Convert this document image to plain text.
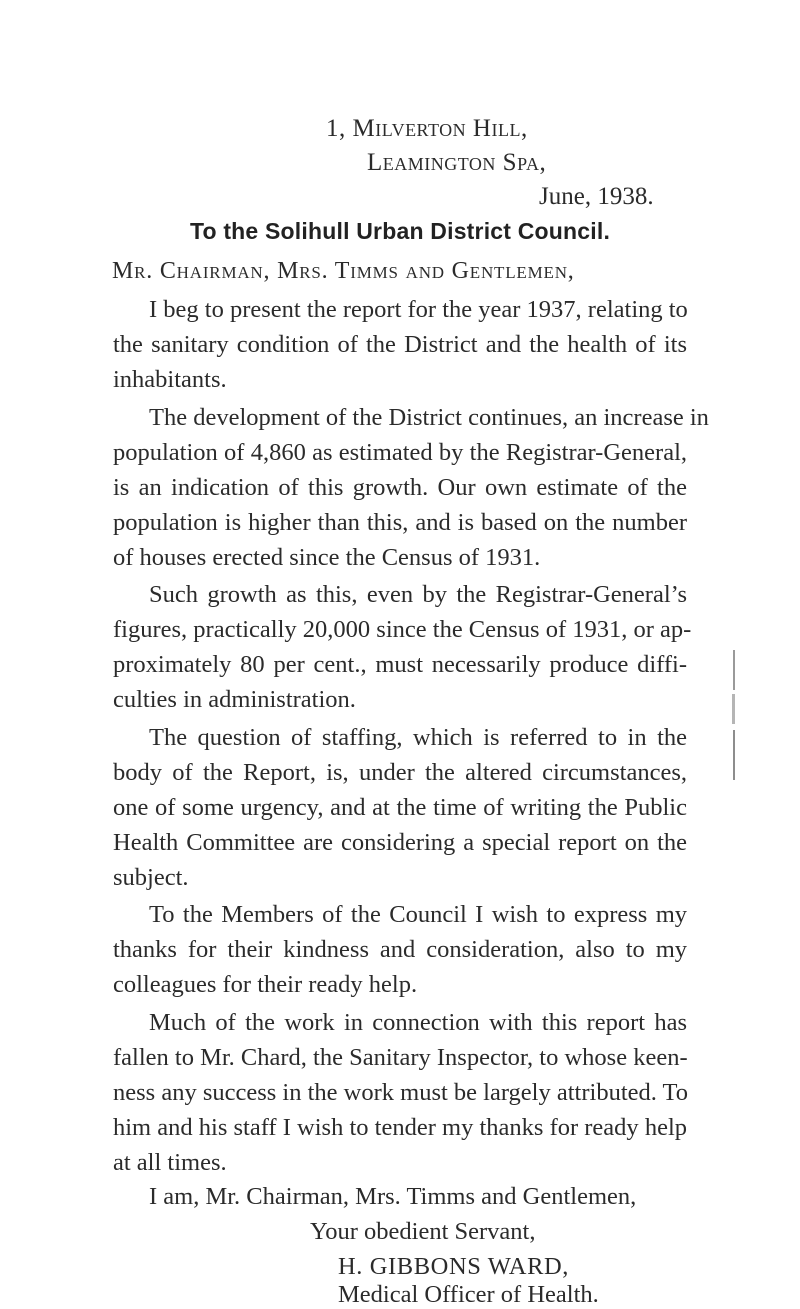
1, Milverton Hill,
Leamington Spa,
June, 1938.
To the Solihull Urban District Council.
Mr. Chairman, Mrs. Timms and Gentlemen,
I beg to present the report for the year 1937, relating to
the sanitary condition of the District and the health of its
inhabitants.
The development of the District continues, an increase in
population of 4,860 as estimated by the Registrar-General,
is an indication of this growth. Our own estimate of the
population is higher than this, and is based on the number
of houses erected since the Census of 1931.
Such growth as this, even by the Registrar-General’s
figures, practically 20,000 since the Census of 1931, or ap-
proximately 80 per cent., must necessarily produce diffi-
culties in administration.
The question of staffing, which is referred to in the
body of the Report, is, under the altered circumstances,
one of some urgency, and at the time of writing the Public
Health Committee are considering a special report on the
subject.
To the Members of the Council I wish to express my
thanks for their kindness and consideration, also to my
colleagues for their ready help.
Much of the work in connection with this report has
fallen to Mr. Chard, the Sanitary Inspector, to whose keen-
ness any success in the work must be largely attributed. To
him and his staff I wish to tender my thanks for ready help
at all times.
I am, Mr. Chairman, Mrs. Timms and Gentlemen,
Your obedient Servant,
H. GIBBONS WARD,
Medical Officer of Health.
